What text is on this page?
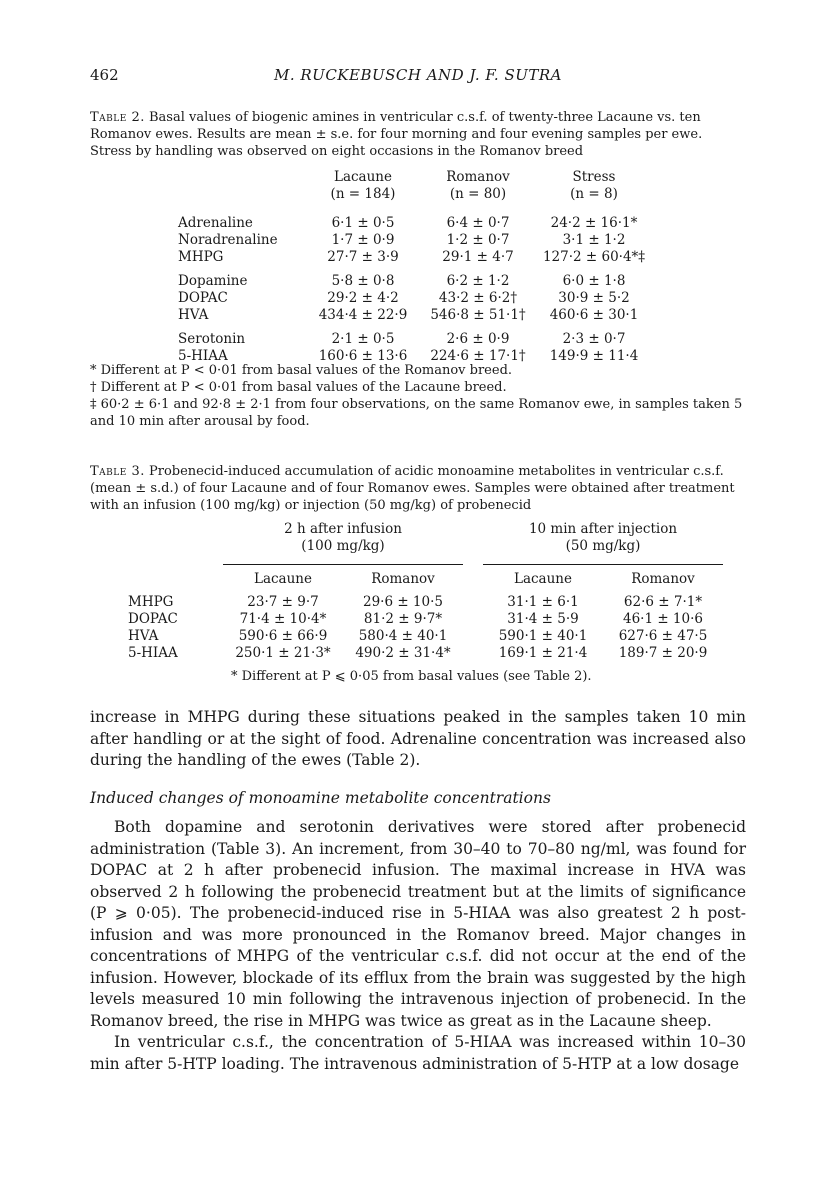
462	M. RUCKEBUSCH AND J. F. SUTRA
Table 2. Basal values of biogenic amines in ventricular c.s.f. of twenty-three Lacaune vs. ten Romanov ewes. Results are mean ± s.e. for four morning and four evening samples per ewe. Stress by handling was observed on eight occasions in the Romanov breed
	Lacaune	Romanov	Stress
	(n = 184)	(n = 80)	(n = 8)

Adrenaline	6·1 ± 0·5	6·4 ± 0·7	24·2 ± 16·1*
Noradrenaline	1·7 ± 0·9	1·2 ± 0·7	3·1 ± 1·2
MHPG	27·7 ± 3·9	29·1 ± 4·7	127·2 ± 60·4*‡

Dopamine	5·8 ± 0·8	6·2 ± 1·2	6·0 ± 1·8
DOPAC	29·2 ± 4·2	43·2 ± 6·2†	30·9 ± 5·2
HVA	434·4 ± 22·9	546·8 ± 51·1†	460·6 ± 30·1

Serotonin	2·1 ± 0·5	2·6 ± 0·9	2·3 ± 0·7
5-HIAA	160·6 ± 13·6	224·6 ± 17·1†	149·9 ± 11·4
* Different at P < 0·01 from basal values of the Romanov breed.
† Different at P < 0·01 from basal values of the Lacaune breed.
‡ 60·2 ± 6·1 and 92·8 ± 2·1 from four observations, on the same Romanov ewe, in samples taken 5 and 10 min after arousal by food.
Table 3. Probenecid-induced accumulation of acidic monoamine metabolites in ventricular c.s.f. (mean ± s.d.) of four Lacaune and of four Romanov ewes. Samples were obtained after treatment with an infusion (100 mg/kg) or injection (50 mg/kg) of probenecid
	2 h after infusion			10 min after injection	
	(100 mg/kg)			(50 mg/kg)	

	Lacaune	Romanov		Lacaune	Romanov
MHPG	23·7 ± 9·7	29·6 ± 10·5		31·1 ± 6·1	62·6 ± 7·1*
DOPAC	71·4 ± 10·4*	81·2 ± 9·7*		31·4 ± 5·9	46·1 ± 10·6
HVA	590·6 ± 66·9	580·4 ± 40·1		590·1 ± 40·1	627·6 ± 47·5
5-HIAA	250·1 ± 21·3*	490·2 ± 31·4*		169·1 ± 21·4	189·7 ± 20·9
* Different at P ⩽ 0·05 from basal values (see Table 2).

increase in MHPG during these situations peaked in the samples taken 10 min after handling or at the sight of food. Adrenaline concentration was increased also during the handling of the ewes (Table 2).

Induced changes of monoamine metabolite concentrations

Both dopamine and serotonin derivatives were stored after probenecid administration (Table 3). An increment, from 30–40 to 70–80 ng/ml, was found for DOPAC at 2 h after probenecid infusion. The maximal increase in HVA was observed 2 h following the probenecid treatment but at the limits of significance (P ⩾ 0·05). The probenecid-induced rise in 5-HIAA was also greatest 2 h post-infusion and was more pronounced in the Romanov breed. Major changes in concentrations of MHPG of the ventricular c.s.f. did not occur at the end of the infusion. However, blockade of its efflux from the brain was suggested by the high levels measured 10 min following the intravenous injection of probenecid. In the Romanov breed, the rise in MHPG was twice as great as in the Lacaune sheep.

In ventricular c.s.f., the concentration of 5-HIAA was increased within 10–30 min after 5-HTP loading. The intravenous administration of 5-HTP at a low dosage
